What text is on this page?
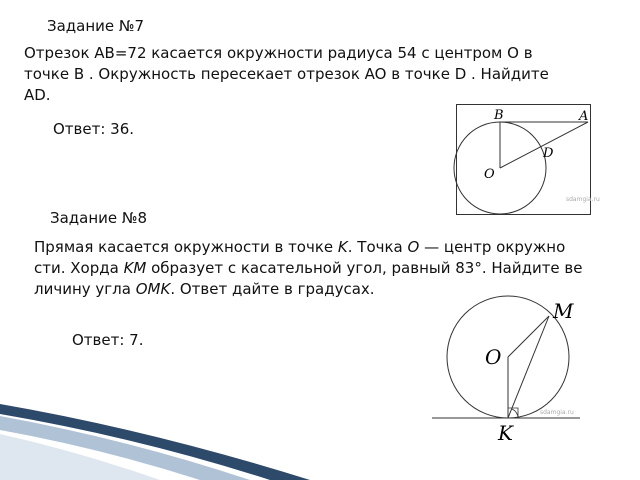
Задание №7
Отрезок AB=72 касается окружности радиуса 54 с центром O в
точке B . Окружность пересекает отрезок AO в точке D . Найдите
AD.
Ответ: 36.
B	A
D
O
sdamgia.ru
Задание №8
Прямая касается окружности в точке K. Точка O — центр окружно
сти. Хорда KM образует с касательной угол, равный 83°. Найдите ве
личину угла OMK. Ответ дайте в градусах.
Ответ: 7.
M
O
K
sdamgia.ru
